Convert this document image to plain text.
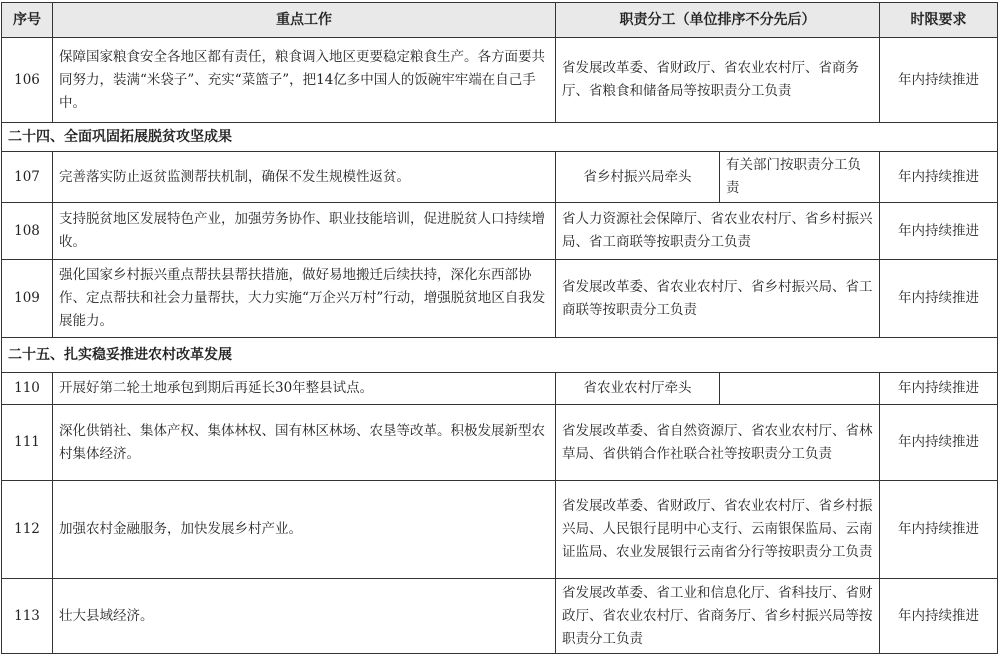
序号	重点工作	职责分工（单位排序不分先后）		时限要求
106	保障国家粮食安全各地区都有责任，粮食调入地区更要稳定粮食生产。各方面要共同努力，装满“米袋子”、充实“菜篮子”，把14亿多中国人的饭碗牢牢端在自己手中。	省发展改革委、省财政厅、省农业农村厅、省商务厅、省粮食和储备局等按职责分工负责		年内持续推进
二十四、全面巩固拓展脱贫攻坚成果				
107	完善落实防止返贫监测帮扶机制，确保不发生规模性返贫。	省乡村振兴局牵头	有关部门按职责分工负责	年内持续推进
108	支持脱贫地区发展特色产业，加强劳务协作、职业技能培训，促进脱贫人口持续增收。	省人力资源社会保障厅、省农业农村厅、省乡村振兴局、省工商联等按职责分工负责		年内持续推进
109	强化国家乡村振兴重点帮扶县帮扶措施，做好易地搬迁后续扶持，深化东西部协作、定点帮扶和社会力量帮扶，大力实施“万企兴万村”行动，增强脱贫地区自我发展能力。	省发展改革委、省农业农村厅、省乡村振兴局、省工商联等按职责分工负责		年内持续推进
二十五、扎实稳妥推进农村改革发展				
110	开展好第二轮土地承包到期后再延长30年整县试点。	省农业农村厅牵头		年内持续推进
111	深化供销社、集体产权、集体林权、国有林区林场、农垦等改革。积极发展新型农村集体经济。	省发展改革委、省自然资源厅、省农业农村厅、省林草局、省供销合作社联合社等按职责分工负责		年内持续推进
112	加强农村金融服务，加快发展乡村产业。	省发展改革委、省财政厅、省农业农村厅、省乡村振兴局、人民银行昆明中心支行、云南银保监局、云南证监局、农业发展银行云南省分行等按职责分工负责		年内持续推进
113	壮大县域经济。	省发展改革委、省工业和信息化厅、省科技厅、省财政厅、省农业农村厅、省商务厅、省乡村振兴局等按职责分工负责		年内持续推进
